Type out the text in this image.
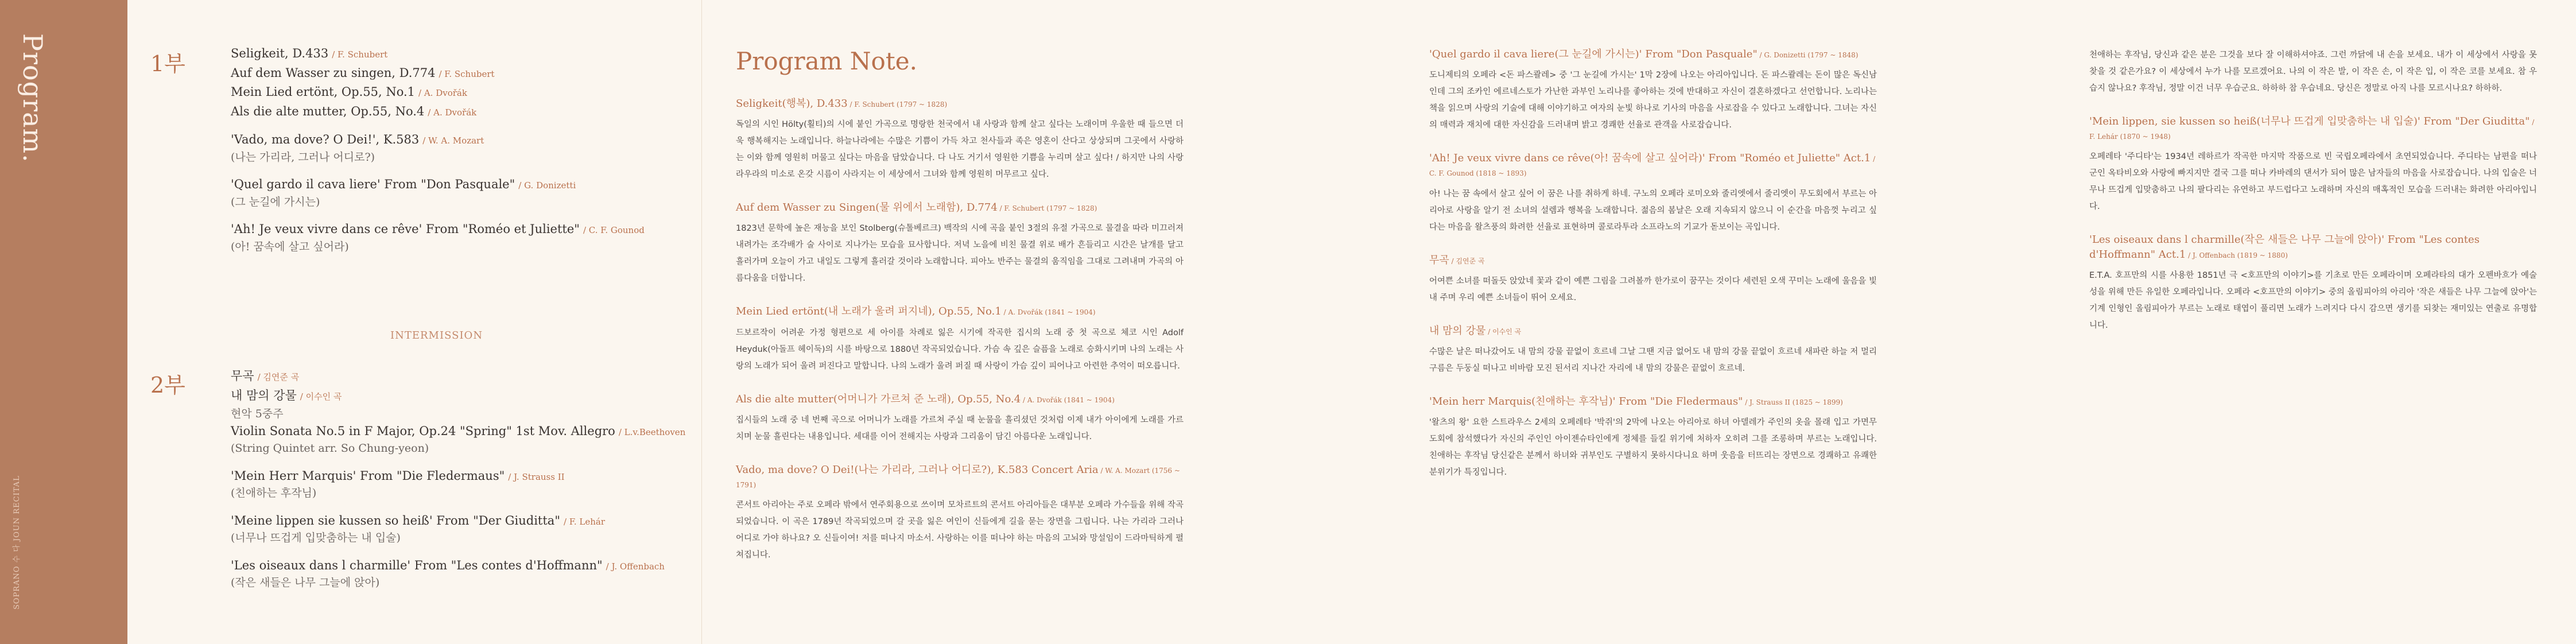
Program.
SOPRANO 수 다 JOUN RECITAL
1부	Seligkeit, D.433 / F. Schubert

Auf dem Wasser zu singen, D.774 / F. Schubert

Mein Lied ertönt, Op.55, No.1 / A. Dvořák

Als die alte mutter, Op.55, No.4 / A. Dvořák

'Vado, ma dove? O Dei!', K.583 / W. A. Mozart

(나는 가리라, 그러나 어디로?)

'Quel gardo il cava liere' From "Don Pasquale" / G. Donizetti

(그 눈길에 가시는)

'Ah! Je veux vivre dans ce rêve' From "Roméo et Juliette" / C. F. Gounod

(아! 꿈속에 살고 싶어라)

INTERMISSION
2부	무곡 / 김연준 곡

내 맘의 강물 / 이수인 곡

현악 5중주

Violin Sonata No.5 in F Major, Op.24 "Spring" 1st Mov. Allegro / L.v.Beethoven

(String Quintet arr. So Chung-yeon)

'Mein Herr Marquis' From "Die Fledermaus" / J. Strauss II

(친애하는 후작님)

'Meine lippen sie kussen so heiß' From "Der Giuditta" / F. Lehár

(너무나 뜨겁게 입맞춤하는 내 입술)

'Les oiseaux dans l charmille' From "Les contes d'Hoffmann" / J. Offenbach

(작은 새들은 나무 그늘에 앉아)

Program Note.
Seligkeit(행복), D.433 / F. Schubert (1797 ~ 1828)

독일의 시인 Hölty(횔티)의 시에 붙인 가곡으로 명랑한 천국에서 내 사랑과 함께 살고 싶다는 노래이며 우울한 때 들으면 더욱 행복해지는 노래입니다. 하늘나라에는 수많은 기쁨이 가득 차고 천사들과 족은 영혼이 산다고 상상되며 그곳에서 사랑하는 이와 함께 영원히 머물고 싶다는 마음을 담았습니다. 다 나도 거기서 영원한 기쁨을 누리며 살고 싶다! / 하지만 나의 사랑 라우라의 미소로 온갖 시름이 사라지는 이 세상에서 그녀와 함께 영원히 머무르고 싶다.

Auf dem Wasser zu Singen(물 위에서 노래함), D.774 / F. Schubert (1797 ~ 1828)

1823년 문학에 높은 재능을 보인 Stolberg(슈톨베르크) 백작의 시에 곡을 붙인 3절의 유절 가곡으로 물결을 따라 미끄러져 내려가는 조각배가 술 사이로 지나가는 모습을 묘사합니다. 저녁 노을에 비친 물결 위로 배가 흔들리고 시간은 날개를 달고 흘러가며 오늘이 가고 내일도 그렇게 흘러갈 것이라 노래합니다. 피아노 반주는 물결의 움직임을 그대로 그려내며 가곡의 아름다움을 더합니다.

Mein Lied ertönt(내 노래가 울려 퍼지네), Op.55, No.1 / A. Dvořák (1841 ~ 1904)

드보르작이 어려운 가정 형편으로 세 아이를 차례로 잃은 시기에 작곡한 집시의 노래 중 첫 곡으로 체코 시인 Adolf Heyduk(아돌프 헤이둑)의 시를 바탕으로 1880년 작곡되었습니다. 가슴 속 깊은 슬픔을 노래로 승화시키며 나의 노래는 사랑의 노래가 되어 울려 퍼진다고 말합니다. 나의 노래가 울려 퍼질 때 사랑이 가슴 깊이 피어나고 아련한 추억이 떠오릅니다.

Als die alte mutter(어머니가 가르쳐 준 노래), Op.55, No.4 / A. Dvořák (1841 ~ 1904)

집시들의 노래 중 네 번째 곡으로 어머니가 노래를 가르쳐 주실 때 눈물을 흘리셨던 것처럼 이제 내가 아이에게 노래를 가르치며 눈물 흘린다는 내용입니다. 세대를 이어 전해지는 사랑과 그리움이 담긴 아름다운 노래입니다.

Vado, ma dove? O Dei!(나는 가리라, 그러나 어디로?), K.583 Concert Aria / W. A. Mozart (1756 ~ 1791)

콘서트 아리아는 주로 오페라 밖에서 연주회용으로 쓰이며 모차르트의 콘서트 아리아들은 대부분 오페라 가수들을 위해 작곡되었습니다. 이 곡은 1789년 작곡되었으며 갈 곳을 잃은 여인이 신들에게 길을 묻는 장면을 그립니다. 나는 가리라 그러나 어디로 가야 하나요? 오 신들이여! 저를 떠나지 마소서. 사랑하는 이를 떠나야 하는 마음의 고뇌와 망설임이 드라마틱하게 펼쳐집니다.

'Quel gardo il cava liere(그 눈길에 가시는)' From "Don Pasquale" / G. Donizetti (1797 ~ 1848)

도니제티의 오페라 <돈 파스콸레> 중 '그 눈길에 가시는' 1막 2장에 나오는 아리아입니다. 돈 파스콸레는 돈이 많은 독신남인데 그의 조카인 에르네스토가 가난한 과부인 노리나를 좋아하는 것에 반대하고 자신이 결혼하겠다고 선언합니다. 노리나는 책을 읽으며 사랑의 기술에 대해 이야기하고 여자의 눈빛 하나로 기사의 마음을 사로잡을 수 있다고 노래합니다. 그녀는 자신의 매력과 재치에 대한 자신감을 드러내며 밝고 경쾌한 선율로 관객을 사로잡습니다.

'Ah! Je veux vivre dans ce rêve(아! 꿈속에 살고 싶어라)' From "Roméo et Juliette" Act.1 / C. F. Gounod (1818 ~ 1893)

아! 나는 꿈 속에서 살고 싶어 이 꿈은 나를 취하게 하네. 구노의 오페라 로미오와 줄리엣에서 줄리엣이 무도회에서 부르는 아리아로 사랑을 알기 전 소녀의 설렘과 행복을 노래합니다. 젊음의 봄날은 오래 지속되지 않으니 이 순간을 마음껏 누리고 싶다는 마음을 왈츠풍의 화려한 선율로 표현하며 콜로라투라 소프라노의 기교가 돋보이는 곡입니다.

무곡 / 김연준 곡

어여쁜 소녀를 떠돌듯 앉았네 꽃과 같이 예쁜 그림을 그려볼까 한가로이 꿈꾸는 것이다 세련된 오색 꾸미는 노래에 울음을 빛내 주며 우리 예쁜 소녀들이 뛰어 오세요.

내 맘의 강물 / 이수인 곡

수많은 날은 떠나갔어도 내 맘의 강물 끝없이 흐르네 그날 그땐 지금 없어도 내 맘의 강물 끝없이 흐르네 새파란 하늘 저 멀리 구름은 두둥실 떠나고 비바람 모진 된서리 지나간 자리에 내 맘의 강물은 끝없이 흐르네.

'Mein herr Marquis(친애하는 후작님)' From "Die Fledermaus" / J. Strauss II (1825 ~ 1899)

'왈츠의 왕' 요한 스트라우스 2세의 오페레타 '박쥐'의 2막에 나오는 아리아로 하녀 아델레가 주인의 옷을 몰래 입고 가면무도회에 참석했다가 자신의 주인인 아이젠슈타인에게 정체를 들킬 위기에 처하자 오히려 그를 조롱하며 부르는 노래입니다. 친애하는 후작님 당신같은 분께서 하녀와 귀부인도 구별하지 못하시다니요 하며 웃음을 터뜨리는 장면으로 경쾌하고 유쾌한 분위기가 특징입니다.

천애하는 후작님, 당신과 같은 분은 그것을 보다 잘 이해하셔야죠. 그런 까닭에 내 손을 보세요. 내가 이 세상에서 사랑을 못 찾을 것 같은가요? 이 세상에서 누가 나를 모르겠어요. 나의 이 작은 발, 이 작은 손, 이 작은 입, 이 작은 코를 보세요. 참 우습지 않나요? 후작님, 정말 이건 너무 우습군요. 하하하 참 우습네요. 당신은 정말로 아직 나를 모르시나요? 하하하.

'Mein lippen, sie kussen so heiß(너무나 뜨겁게 입맞춤하는 내 입술)' From "Der Giuditta" / F. Lehár (1870 ~ 1948)

오페레타 '주디타'는 1934년 레하르가 작곡한 마지막 작품으로 빈 국립오페라에서 초연되었습니다. 주디타는 남편을 떠나 군인 옥타비오와 사랑에 빠지지만 결국 그를 떠나 카바레의 댄서가 되어 많은 남자들의 마음을 사로잡습니다. 나의 입술은 너무나 뜨겁게 입맞춤하고 나의 팔다리는 유연하고 부드럽다고 노래하며 자신의 매혹적인 모습을 드러내는 화려한 아리아입니다.

'Les oiseaux dans l charmille(작은 새들은 나무 그늘에 앉아)' From "Les contes d'Hoffmann" Act.1 / J. Offenbach (1819 ~ 1880)

E.T.A. 호프만의 시를 사용한 1851년 극 <호프만의 이야기>를 기초로 만든 오페라이며 오페라타의 대가 오펜바흐가 예술성을 위해 만든 유일한 오페라입니다. 오페라 <호프만의 이야기> 중의 올림피아의 아리아 '작은 새들은 나무 그늘에 앉아'는 기계 인형인 올림피아가 부르는 노래로 태엽이 풀리면 노래가 느려지다 다시 감으면 생기를 되찾는 재미있는 연출로 유명합니다.
